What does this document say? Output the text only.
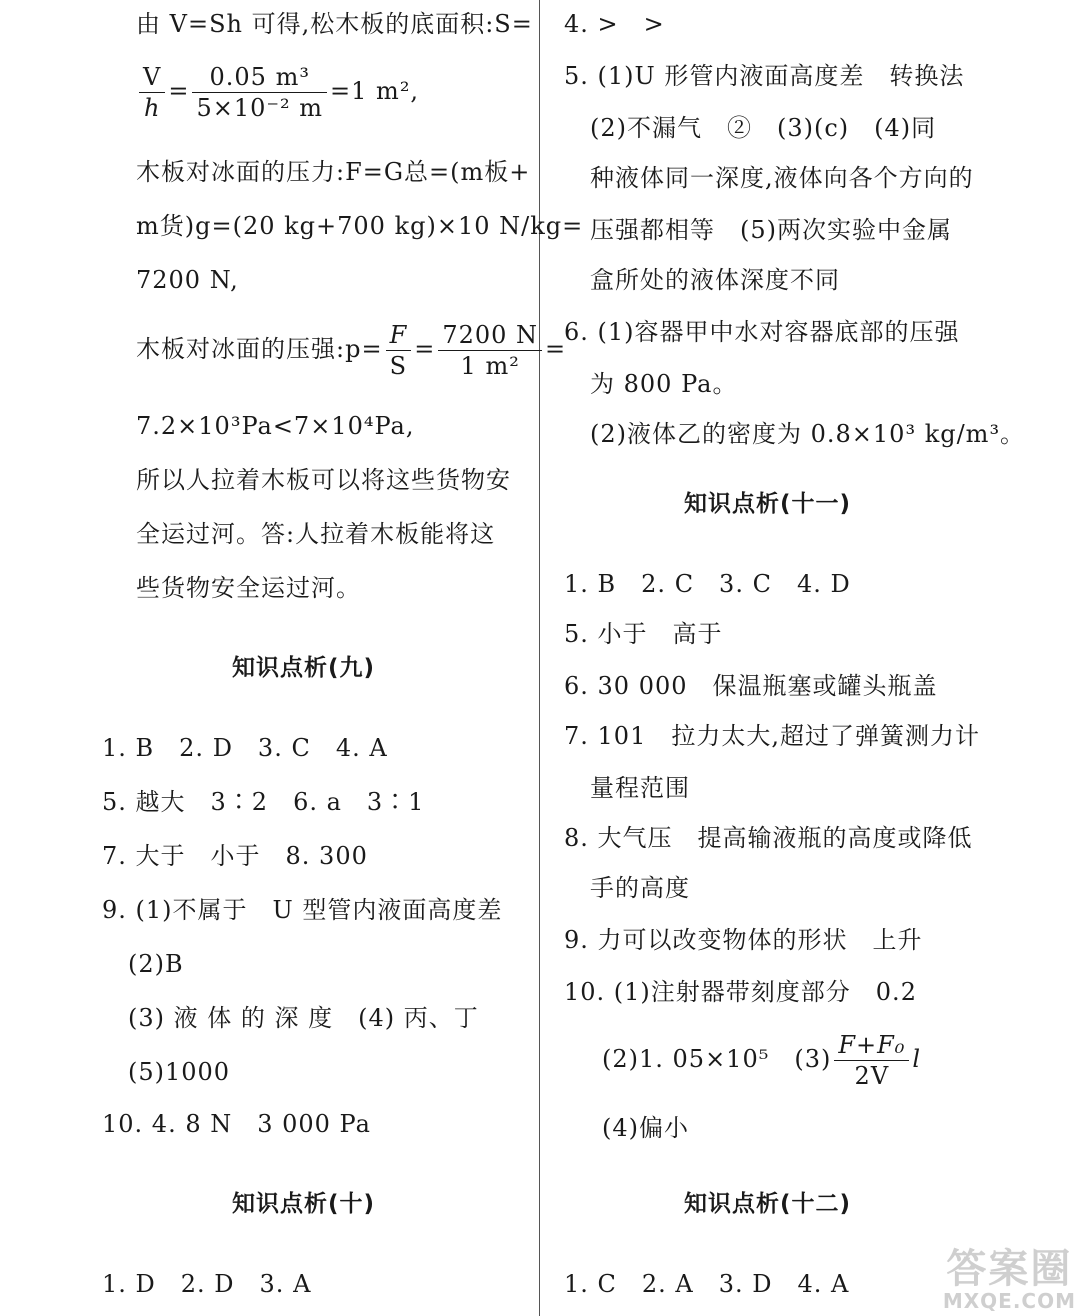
由 V=Sh 可得,松木板的底面积:S=
$\frac{V}{h} = \frac{\text{0.05 m³}}{\text{5×10⁻² m}} =1$ m²,
木板对冰面的压力:F=G总=(m板+
m货)g=(20 kg+700 kg)×10 N/kg=
7200 N,
木板对冰面的压强:p= $\frac{F}{S} = \frac{7200 N}{\text{1 m²}}$ =
7.2×10³Pa<7×10⁴Pa,
所以人拉着木板可以将这些货物安
全运过河。答:人拉着木板能将这
些货物安全运过河。
知识点析(九)
1. B　2. D　3. C　4. A
5. 越大　3∶2　6. a　3∶1
7. 大于　小于　8. 300
9. (1)不属于　U 型管内液面高度差
(2)B
(3) 液 体 的 深 度　(4) 丙、丁
(5)1000
10. 4. 8 N　3 000 Pa
知识点析(十)
1. D　2. D　3. A
4. >　>
5. (1)U 形管内液面高度差　转换法
(2)不漏气　②　(3)(c)　(4)同
种液体同一深度,液体向各个方向的
压强都相等　(5)两次实验中金属
盒所处的液体深度不同
6. (1)容器甲中水对容器底部的压强
为 800 Pa。
(2)液体乙的密度为 0.8×10³ kg/m³。
知识点析(十一)
1. B　2. C　3. C　4. D
5. 小于　高于
6. 30 000　保温瓶塞或罐头瓶盖
7. 101　拉力太大,超过了弹簧测力计
量程范围
8. 大气压　提高输液瓶的高度或降低
手的高度
9. 力可以改变物体的形状　上升
10. (1)注射器带刻度部分　0.2
(2)1. 05×10⁵　$(3) \frac{\text{F+F₀}}{2V}$ l
(4)偏小
知识点析(十二)
1. C　2. A　3. D　4. A 答案圈
MXQE.COM
